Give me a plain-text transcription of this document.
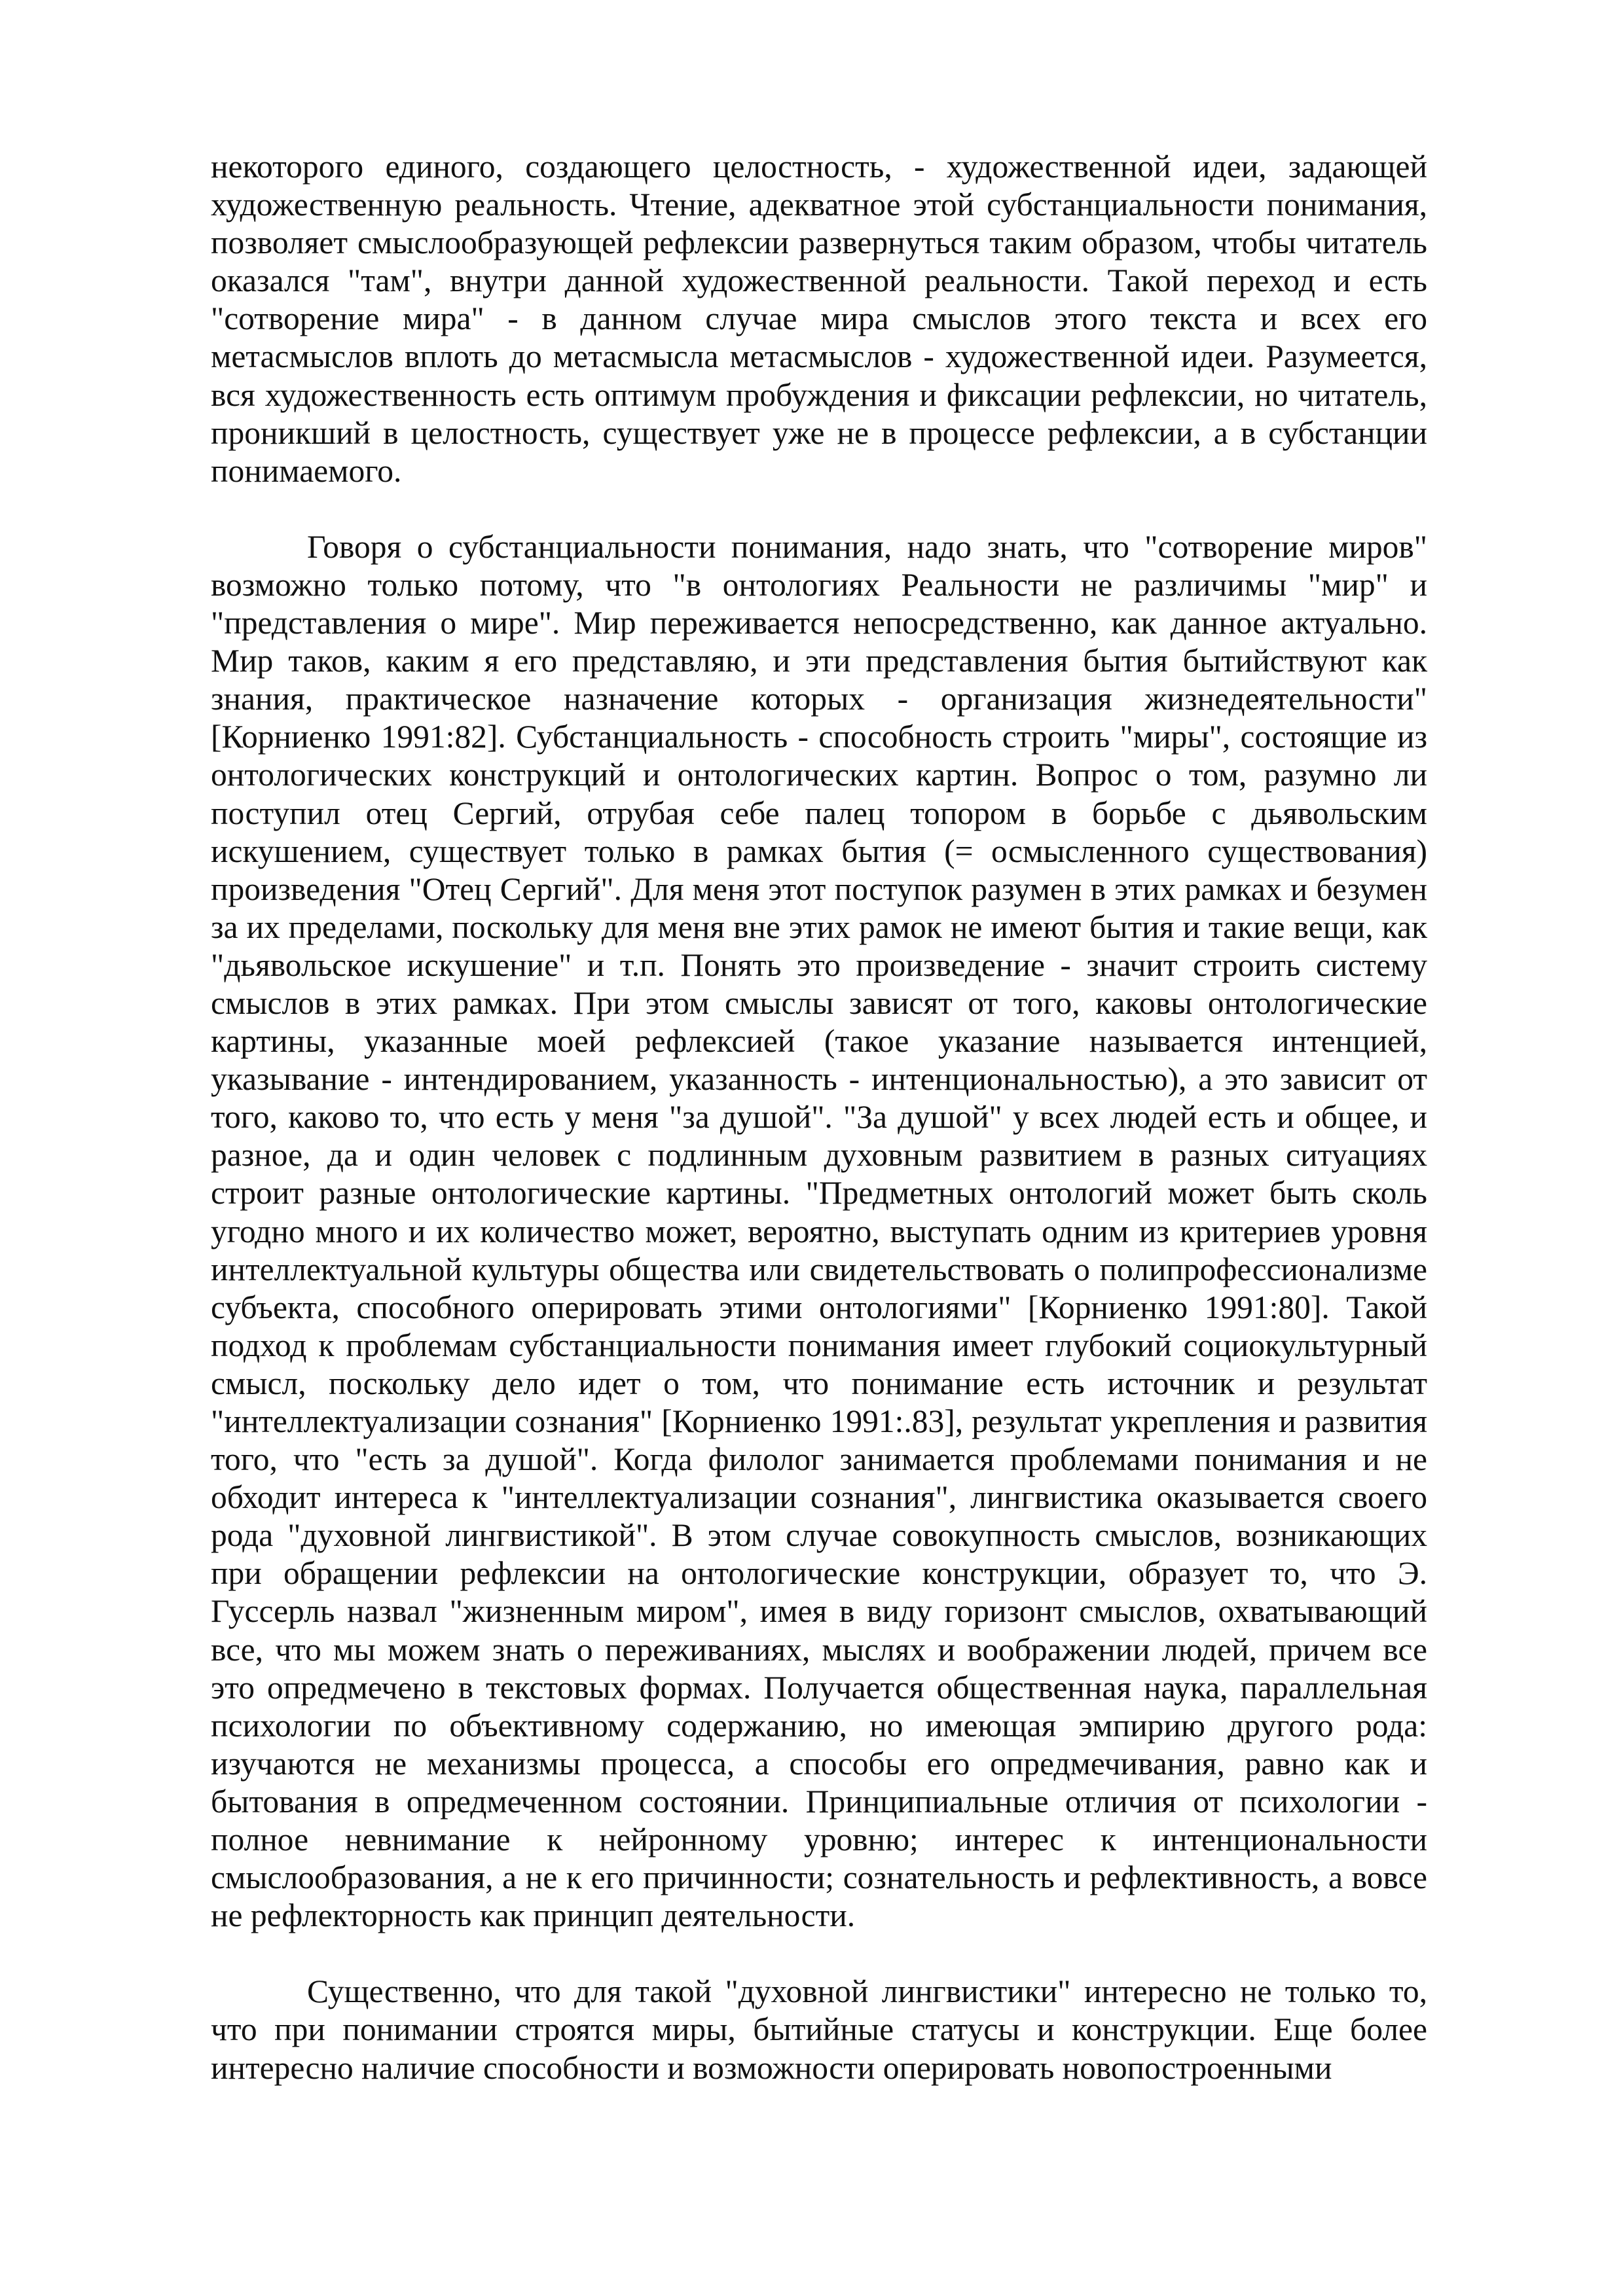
некоторого единого, создающего целостность, - художественной идеи, задающей художественную реальность. Чтение, адекватное этой субстанциальности понимания, позволяет смыслообразующей рефлексии развернуться таким образом, чтобы читатель оказался "там", внутри данной художественной реальности. Такой переход и есть "сотворение мира" - в данном случае мира смыслов этого текста и всех его метасмыслов вплоть до метасмысла метасмыслов - художественной идеи. Разумеется, вся художественность есть оптимум пробуждения и фиксации рефлексии, но читатель, проникший в целостность, существует уже не в процессе рефлексии, а в субстанции понимаемого.

Говоря о субстанциальности понимания, надо знать, что "сотворение миров" возможно только потому, что "в онтологиях Реальности не различимы "мир" и "представления о мире". Мир переживается непосредственно, как данное актуально. Мир таков, каким я его представляю, и эти представления бытия бытийствуют как знания, практическое назначение которых - организация жизнедеятельности" [Корниенко 1991:82]. Субстанциальность - способность строить "миры", состоящие из онтологических конструкций и онтологических картин. Вопрос о том, разумно ли поступил отец Сергий, отрубая себе палец топором в борьбе с дьявольским искушением, существует только в рамках бытия (= осмысленного существования) произведения "Отец Сергий". Для меня этот поступок разумен в этих рамках и безумен за их пределами, поскольку для меня вне этих рамок не имеют бытия и такие вещи, как "дьявольское искушение" и т.п. Понять это произведение - значит строить систему смыслов в этих рамках. При этом смыслы зависят от того, каковы онтологические картины, указанные моей рефлексией (такое указание называется интенцией, указывание - интендированием, указанность - интенциональностью), а это зависит от того, каково то, что есть у меня "за душой". "За душой" у всех людей есть и общее, и разное, да и один человек с подлинным духовным развитием в разных ситуациях строит разные онтологические картины. "Предметных онтологий может быть сколь угодно много и их количество может, вероятно, выступать одним из критериев уровня интеллектуальной культуры общества или свидетельствовать о полипрофессионализме субъекта, способного оперировать этими онтологиями" [Корниенко 1991:80]. Такой подход к проблемам субстанциальности понимания имеет глубокий социокультурный смысл, поскольку дело идет о том, что понимание есть источник и результат "интеллектуализации сознания" [Корниенко 1991:.83], результат укрепления и развития того, что "есть за душой". Когда филолог занимается проблемами понимания и не обходит интереса к "интеллектуализации сознания", лингвистика оказывается своего рода "духовной лингвистикой". В этом случае совокупность смыслов, возникающих при обращении рефлексии на онтологические конструкции, образует то, что Э. Гуссерль назвал "жизненным миром", имея в виду горизонт смыслов, охватывающий все, что мы можем знать о переживаниях, мыслях и воображении людей, причем все это опредмечено в текстовых формах. Получается общественная наука, параллельная психологии по объективному содержанию, но имеющая эмпирию другого рода: изучаются не механизмы процесса, а способы его опредмечивания, равно как и бытования в опредмеченном состоянии. Принципиальные отличия от психологии - полное невнимание к нейронному уровню; интерес к интенциональности смыслообразования, а не к его причинности; сознательность и рефлективность, а вовсе не рефлекторность как принцип деятельности.

Существенно, что для такой "духовной лингвистики" интересно не только то, что при понимании строятся миры, бытийные статусы и конструкции. Еще более интересно наличие способности и возможности оперировать новопостроенными
